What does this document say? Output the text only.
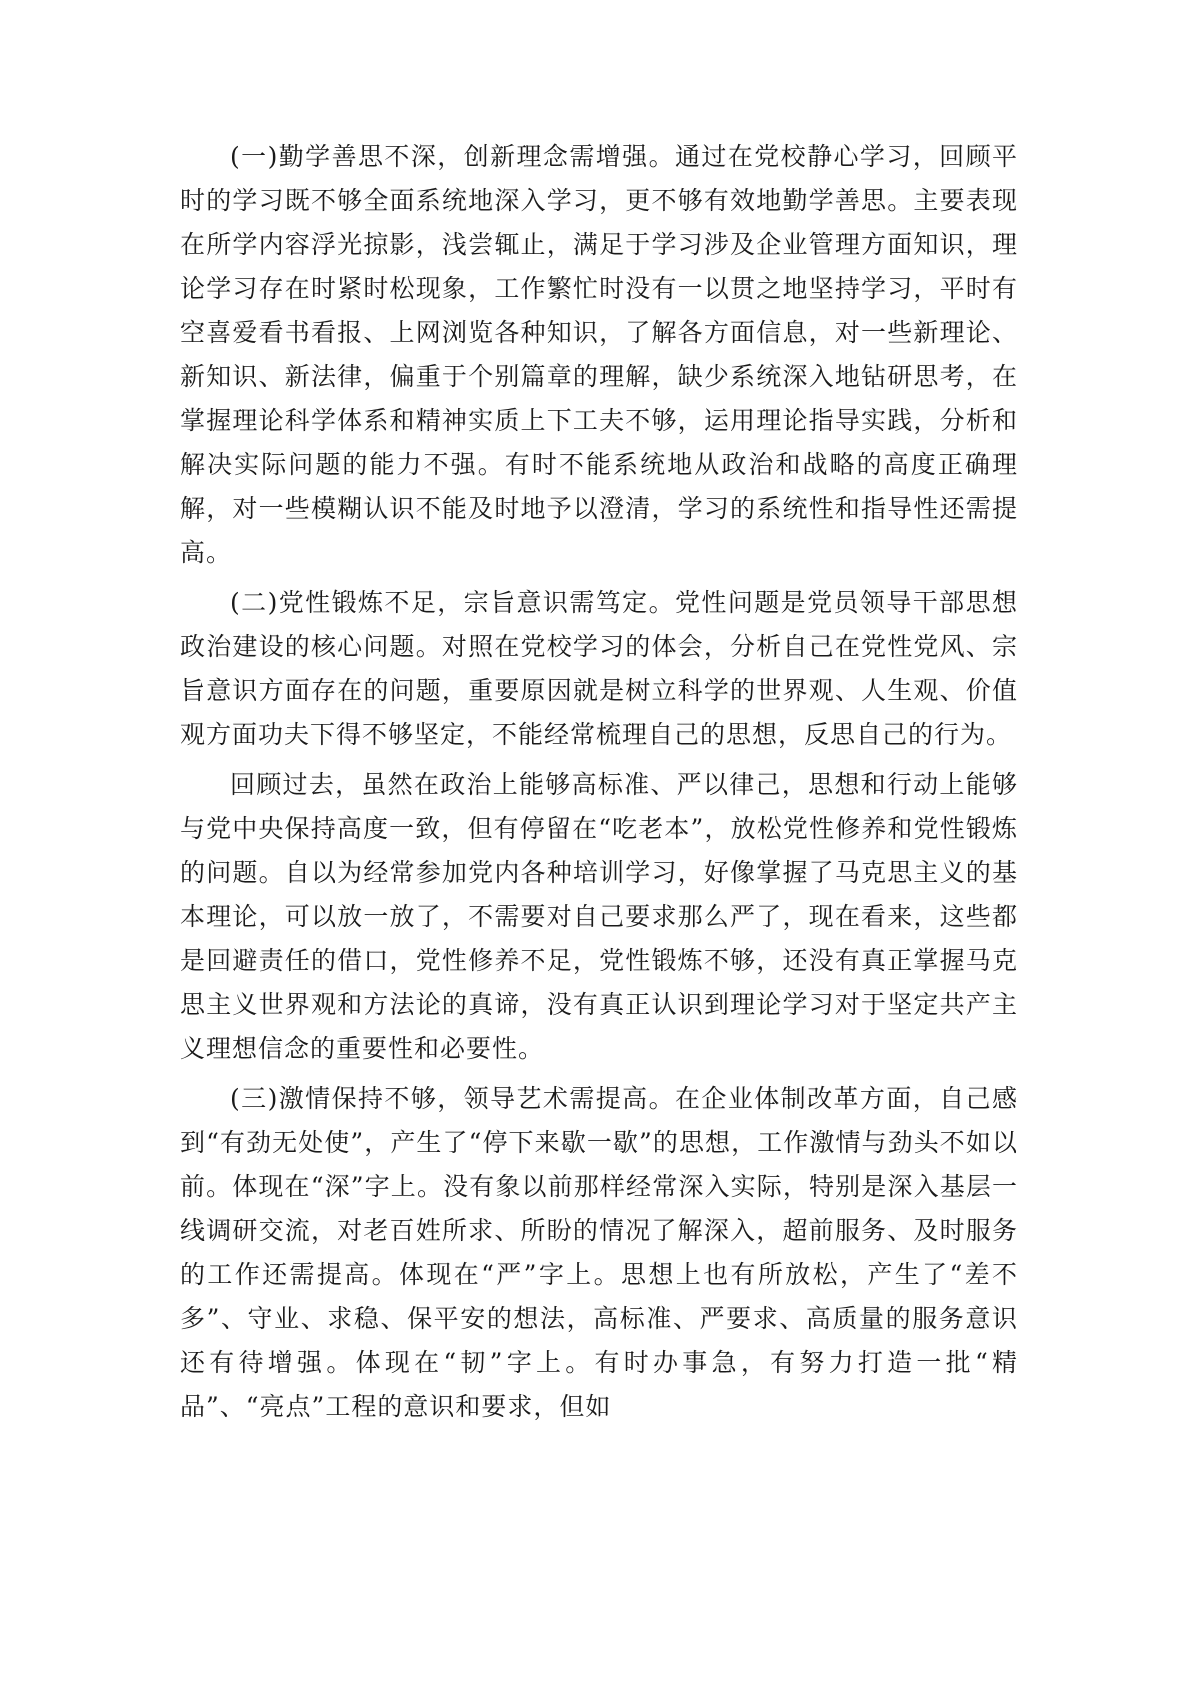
(一)勤学善思不深，创新理念需增强。通过在党校静心学习，回顾平时的学习既不够全面系统地深入学习，更不够有效地勤学善思。主要表现在所学内容浮光掠影，浅尝辄止，满足于学习涉及企业管理方面知识，理论学习存在时紧时松现象，工作繁忙时没有一以贯之地坚持学习，平时有空喜爱看书看报、上网浏览各种知识，了解各方面信息，对一些新理论、新知识、新法律，偏重于个别篇章的理解，缺少系统深入地钻研思考，在掌握理论科学体系和精神实质上下工夫不够，运用理论指导实践，分析和解决实际问题的能力不强。有时不能系统地从政治和战略的高度正确理解，对一些模糊认识不能及时地予以澄清，学习的系统性和指导性还需提高。

(二)党性锻炼不足，宗旨意识需笃定。党性问题是党员领导干部思想政治建设的核心问题。对照在党校学习的体会，分析自己在党性党风、宗旨意识方面存在的问题，重要原因就是树立科学的世界观、人生观、价值观方面功夫下得不够坚定，不能经常梳理自己的思想，反思自己的行为。

回顾过去，虽然在政治上能够高标准、严以律己，思想和行动上能够与党中央保持高度一致，但有停留在“吃老本”，放松党性修养和党性锻炼的问题。自以为经常参加党内各种培训学习，好像掌握了马克思主义的基本理论，可以放一放了，不需要对自己要求那么严了，现在看来，这些都是回避责任的借口，党性修养不足，党性锻炼不够，还没有真正掌握马克思主义世界观和方法论的真谛，没有真正认识到理论学习对于坚定共产主义理想信念的重要性和必要性。

(三)激情保持不够，领导艺术需提高。在企业体制改革方面，自己感到“有劲无处使”，产生了“停下来歇一歇”的思想，工作激情与劲头不如以前。体现在“深”字上。没有象以前那样经常深入实际，特别是深入基层一线调研交流，对老百姓所求、所盼的情况了解深入，超前服务、及时服务的工作还需提高。体现在“严”字上。思想上也有所放松，产生了“差不多”、守业、求稳、保平安的想法，高标准、严要求、高质量的服务意识还有待增强。体现在“韧”字上。有时办事急，有努力打造一批“精品”、“亮点”工程的意识和要求，但如
